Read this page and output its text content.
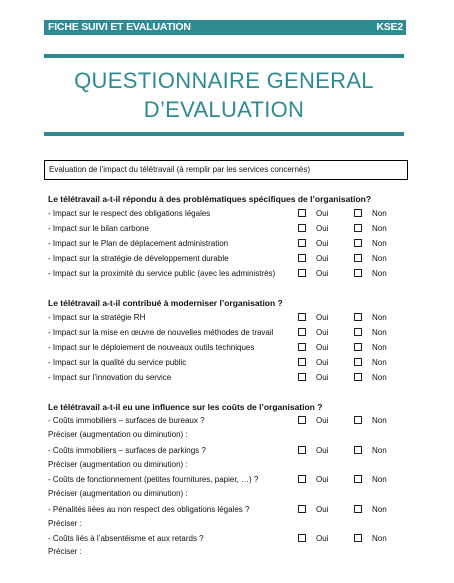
FICHE SUIVI ET EVALUATION	KSE2
QUESTIONNAIRE GENERAL
D’EVALUATION
Evaluation de l’impact du télétravail (à remplir par les services concernés)
Le télétravail a-t-il répondu à des problématiques spécifiques de l’organisation?
- Impact sur le respect des obligations légales	Oui	Non
- Impact sur le bilan carbone	Oui	Non
- Impact sur le Plan de déplacement administration	Oui	Non
- Impact sur la stratégie de développement durable	Oui	Non
- Impact sur la proximité du service public (avec les administrés)	Oui	Non
Le télétravail a-t-il contribué à moderniser l’organisation ?
- Impact sur la stratégie RH	Oui	Non
- Impact sur la mise en œuvre de nouvelles méthodes de travail	Oui	Non
- Impact sur le déploiement de nouveaux outils techniques	Oui	Non
- Impact sur la qualité du service public	Oui	Non
- Impact sur l’innovation du service	Oui	Non
Le télétravail a-t-il eu une influence sur les coûts de l’organisation ?
- Coûts immobiliers – surfaces de bureaux ?	Oui	Non
Préciser (augmentation ou diminution) :
- Coûts immobiliers – surfaces de parkings ?	Oui	Non
Préciser (augmentation ou diminution) :
- Coûts de fonctionnement (petites fournitures, papier, …) ?	Oui	Non
Préciser (augmentation ou diminution) :
- Pénalités liées au non respect des obligations légales ?	Oui	Non
Préciser :
- Coûts liés à l’absentéisme et aux retards ?	Oui	Non
Préciser :
